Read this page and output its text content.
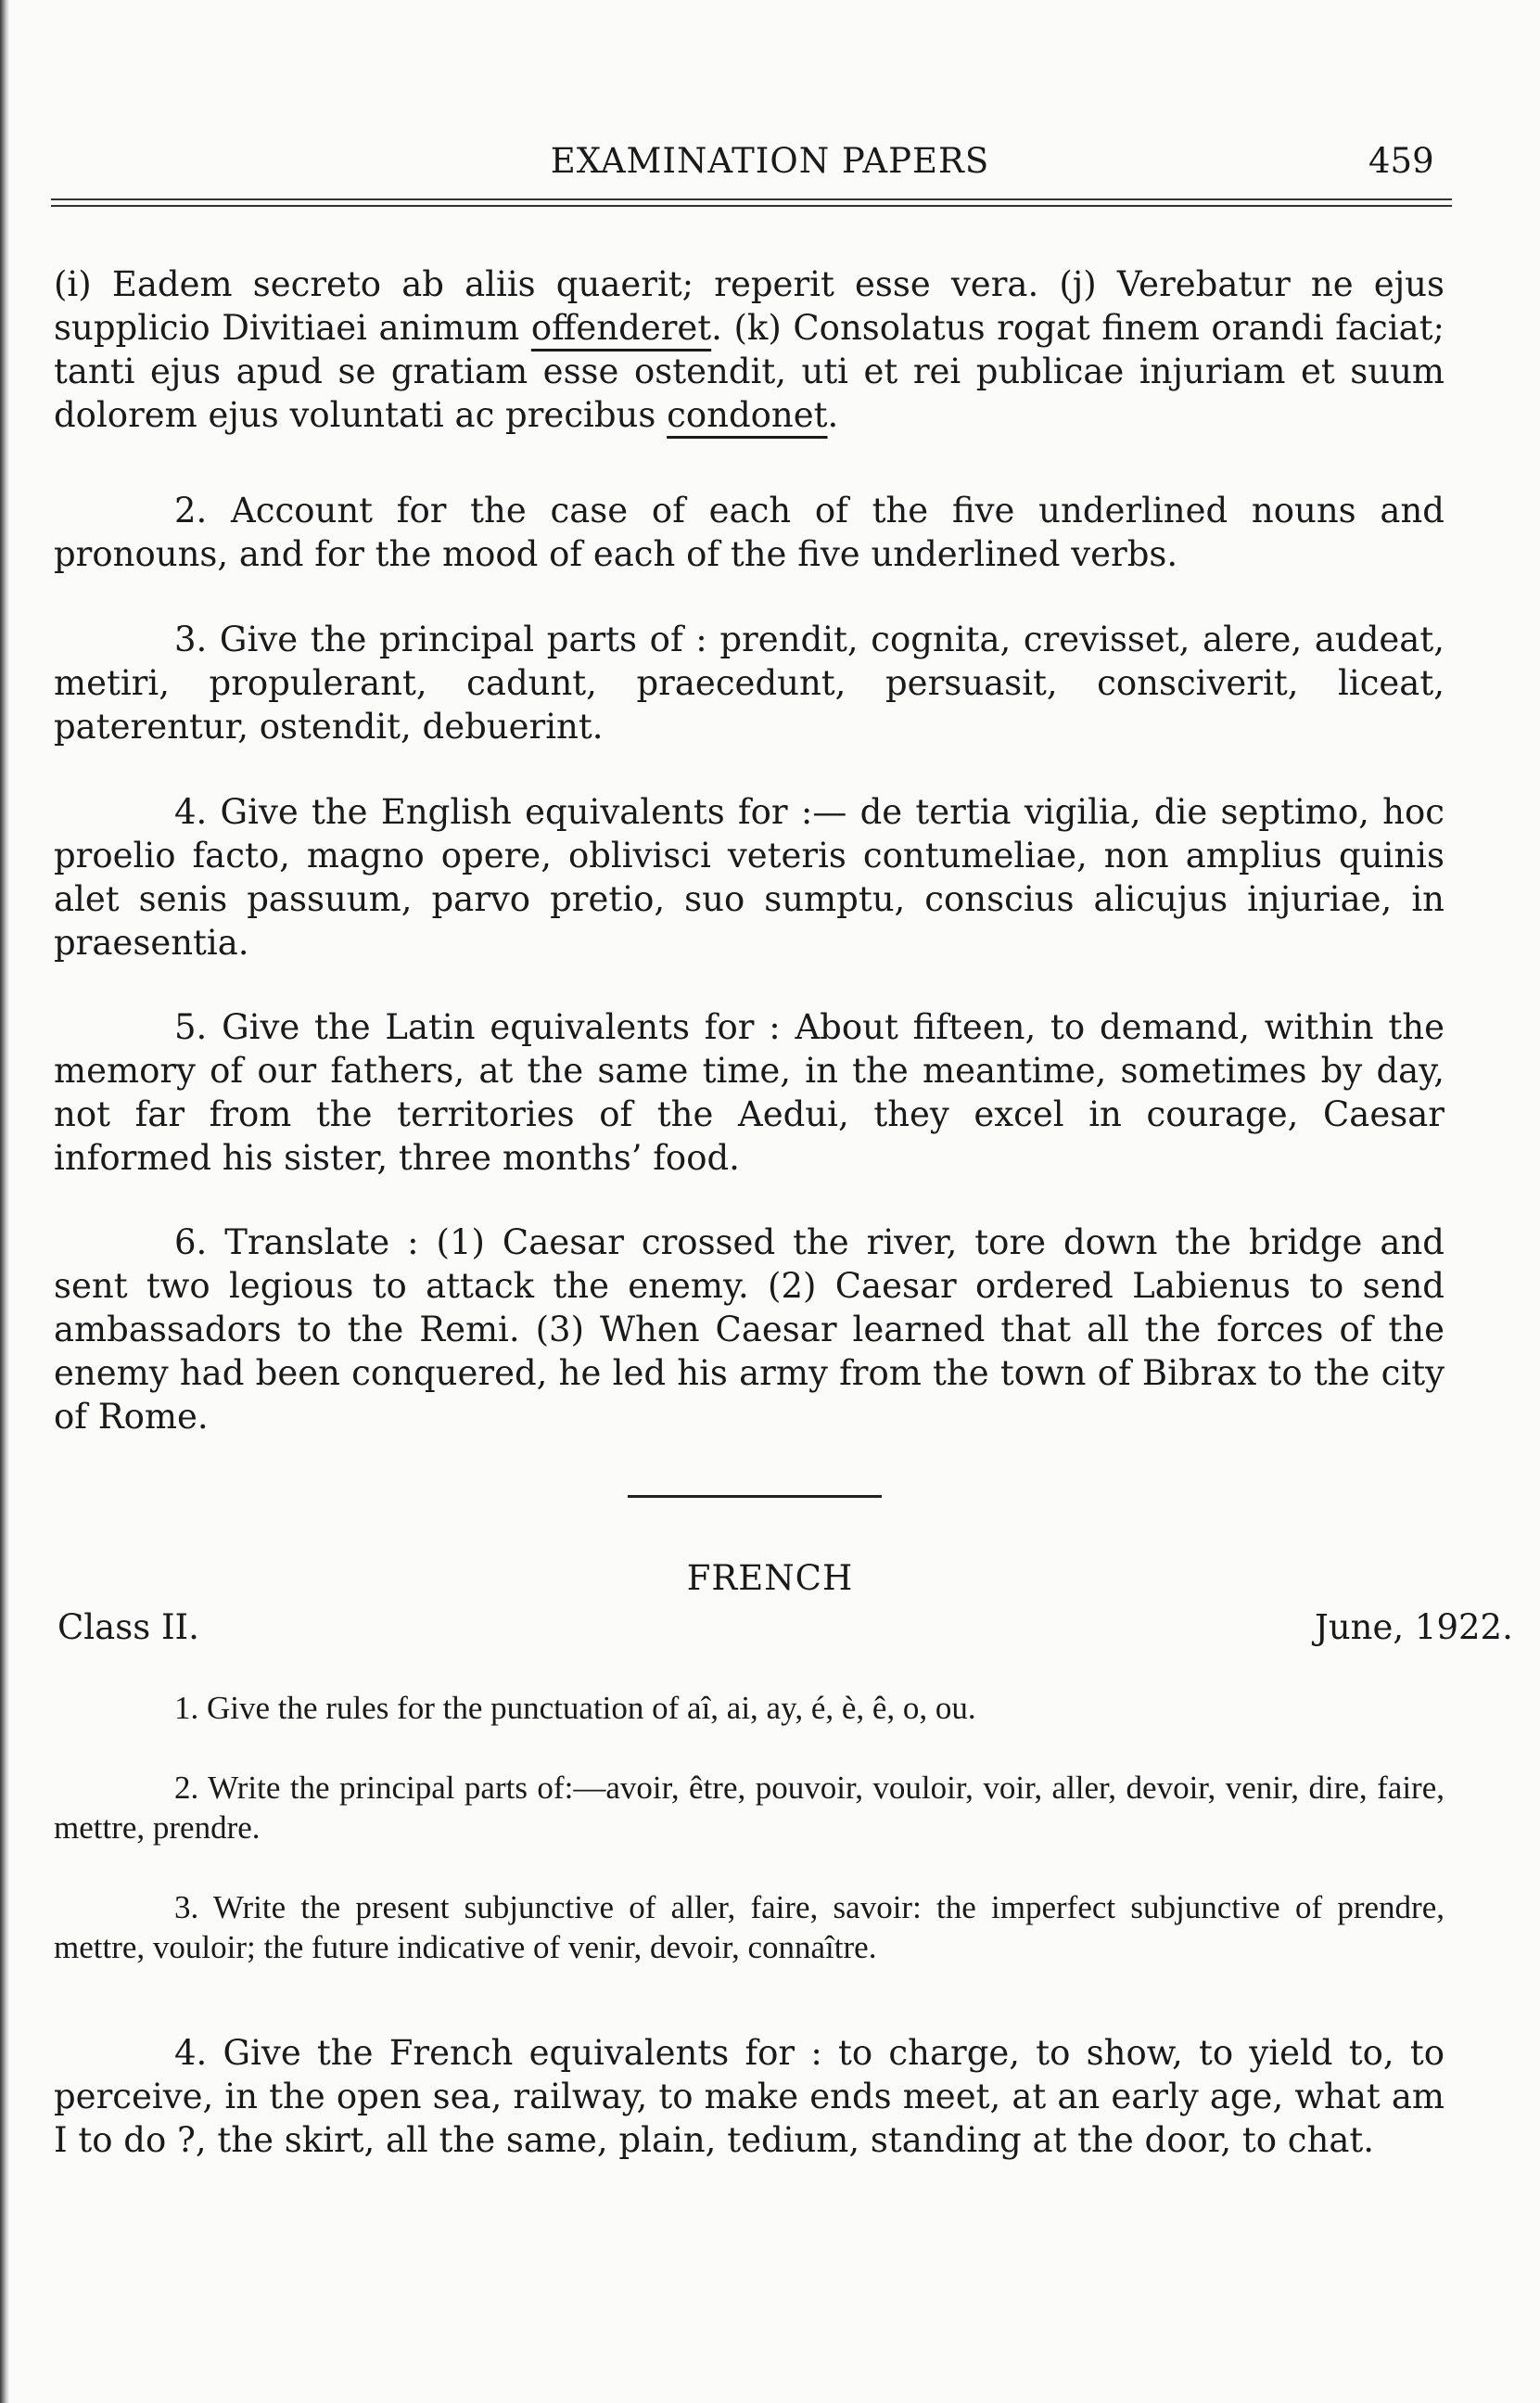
EXAMINATION PAPERS	459

(i) Eadem secreto ab aliis quaerit; reperit esse vera. (j) Verebatur ne ejus supplicio Divitiaei animum offenderet. (k) Consolatus rogat finem orandi faciat; tanti ejus apud se gratiam esse ostendit, uti et rei publicae injuriam et suum dolorem ejus voluntati ac precibus condonet.

2. Account for the case of each of the five underlined nouns and pronouns, and for the mood of each of the five underlined verbs.

3. Give the principal parts of : prendit, cognita, crevisset, alere, audeat, metiri, propulerant, cadunt, praecedunt, persuasit, consciverit, liceat, paterentur, ostendit, debuerint.

4. Give the English equivalents for :— de tertia vigilia, die septimo, hoc proelio facto, magno opere, oblivisci veteris contumeliae, non amplius quinis alet senis passuum, parvo pretio, suo sumptu, conscius alicujus injuriae, in praesentia.

5. Give the Latin equivalents for : About fifteen, to demand, within the memory of our fathers, at the same time, in the meantime, sometimes by day, not far from the territories of the Aedui, they excel in courage, Caesar informed his sister, three months’ food.

6. Translate : (1) Caesar crossed the river, tore down the bridge and sent two legious to attack the enemy. (2) Caesar ordered Labienus to send ambassadors to the Remi. (3) When Caesar learned that all the forces of the enemy had been conquered, he led his army from the town of Bibrax to the city of Rome.

FRENCH
Class II.	June, 1922.

1. Give the rules for the punctuation of aî, ai, ay, é, è, ê, o, ou.

2. Write the principal parts of:—avoir, être, pouvoir, vouloir, voir, aller, devoir, venir, dire, faire, mettre, prendre.

3. Write the present subjunctive of aller, faire, savoir: the imperfect subjunctive of prendre, mettre, vouloir; the future indicative of venir, devoir, connaître.

4. Give the French equivalents for : to charge, to show, to yield to, to perceive, in the open sea, railway, to make ends meet, at an early age, what am I to do ?, the skirt, all the same, plain, tedium, standing at the door, to chat.
